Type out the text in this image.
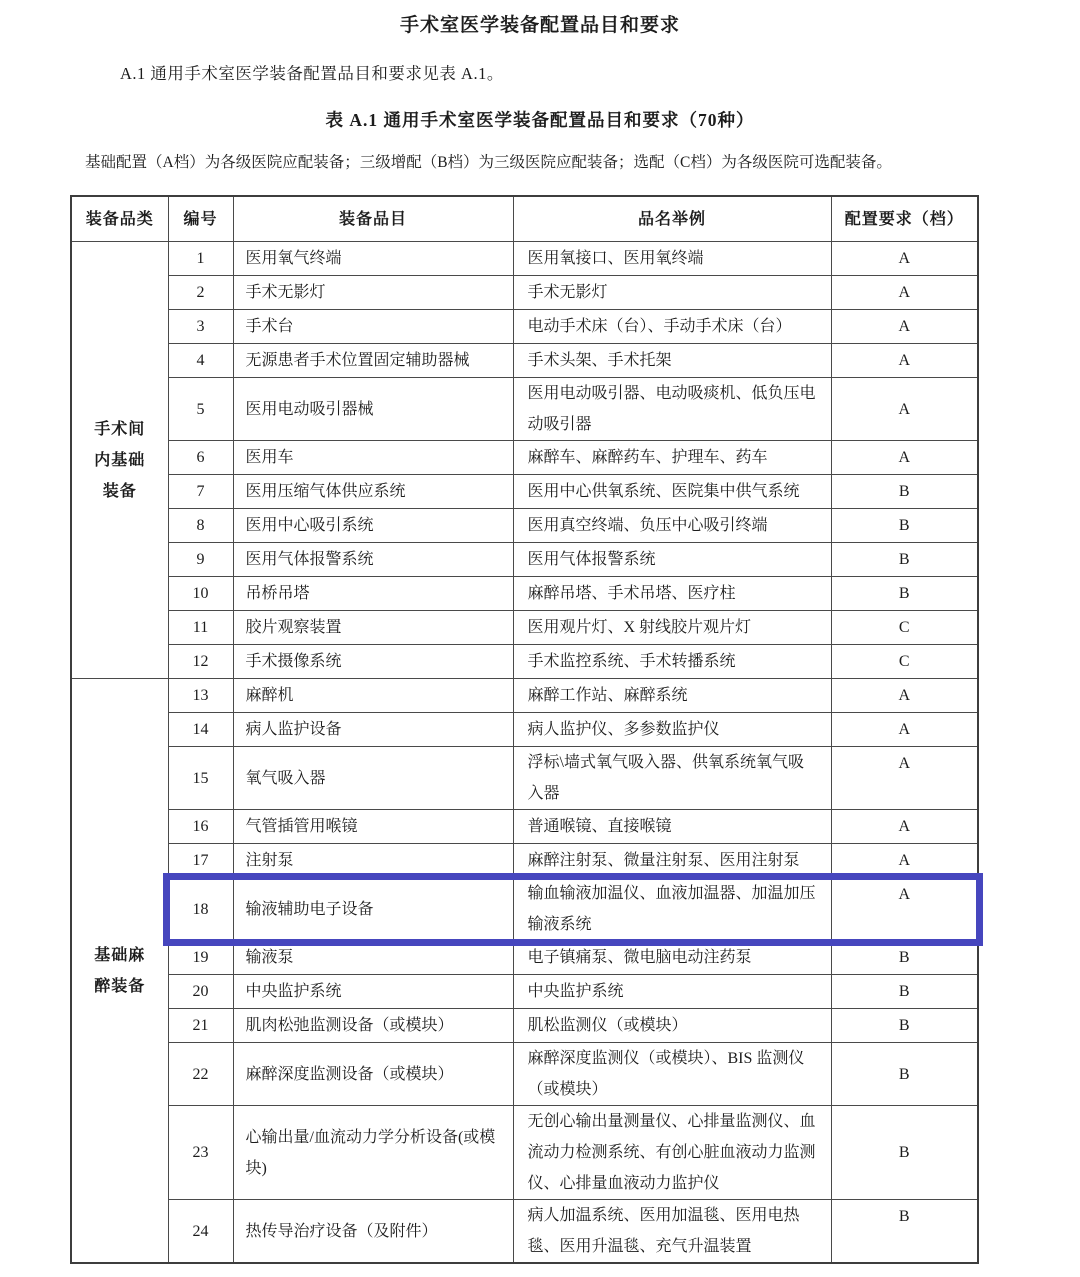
手术室医学装备配置品目和要求
A.1 通用手术室医学装备配置品目和要求见表 A.1。
表 A.1 通用手术室医学装备配置品目和要求（70种）
基础配置（A档）为各级医院应配装备；三级增配（B档）为三级医院应配装备；选配（C档）为各级医院可选配装备。
装备品类	编号	装备品目	品名举例	配置要求（档）
手术间内基础装备	1	医用氧气终端	医用氧接口、医用氧终端	A
	2	手术无影灯	手术无影灯	A
	3	手术台	电动手术床（台）、手动手术床（台）	A
	4	无源患者手术位置固定辅助器械	手术头架、手术托架	A
	5	医用电动吸引器械	医用电动吸引器、电动吸痰机、低负压电动吸引器	A
	6	医用车	麻醉车、麻醉药车、护理车、药车	A
	7	医用压缩气体供应系统	医用中心供氧系统、医院集中供气系统	B
	8	医用中心吸引系统	医用真空终端、负压中心吸引终端	B
	9	医用气体报警系统	医用气体报警系统	B
	10	吊桥吊塔	麻醉吊塔、手术吊塔、医疗柱	B
	11	胶片观察装置	医用观片灯、X 射线胶片观片灯	C
	12	手术摄像系统	手术监控系统、手术转播系统	C
基础麻醉装备	13	麻醉机	麻醉工作站、麻醉系统	A
	14	病人监护设备	病人监护仪、多参数监护仪	A
	15	氧气吸入器	浮标\墙式氧气吸入器、供氧系统氧气吸入器	A
	16	气管插管用喉镜	普通喉镜、直接喉镜	A
	17	注射泵	麻醉注射泵、微量注射泵、医用注射泵	A
	18	输液辅助电子设备	输血输液加温仪、血液加温器、加温加压输液系统	A
	19	输液泵	电子镇痛泵、微电脑电动注药泵	B
	20	中央监护系统	中央监护系统	B
	21	肌肉松弛监测设备（或模块）	肌松监测仪（或模块）	B
	22	麻醉深度监测设备（或模块）	麻醉深度监测仪（或模块）、BIS 监测仪（或模块）	B
	23	心输出量/血流动力学分析设备(或模块)	无创心输出量测量仪、心排量监测仪、血流动力检测系统、有创心脏血液动力监测仪、心排量血液动力监护仪	B
	24	热传导治疗设备（及附件）	病人加温系统、医用加温毯、医用电热毯、医用升温毯、充气升温装置	B
